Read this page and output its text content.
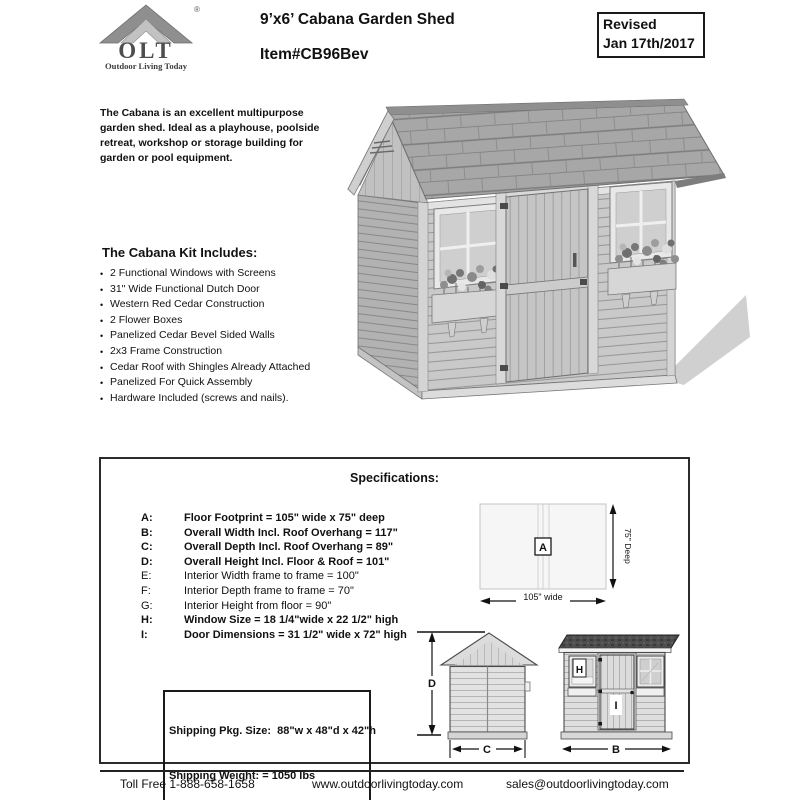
®
OLT
Outdoor Living Today
9’x6’ Cabana Garden Shed
Item#CB96Bev
Revised
Jan 17th/2017
The Cabana is an excellent multipurpose garden shed. Ideal as a playhouse, poolside retreat, workshop or storage building for garden or pool equipment.
The Cabana Kit Includes:
• 2 Functional Windows with Screens
• 31" Wide Functional Dutch Door
• Western Red Cedar Construction
• 2 Flower Boxes
• Panelized Cedar Bevel Sided Walls
• 2x3 Frame Construction
• Cedar Roof with Shingles Already Attached
• Panelized For Quick Assembly
• Hardware Included (screws and nails).
Specifications:
A:	Floor Footprint = 105" wide x 75" deep
B:	Overall Width Incl. Roof Overhang = 117"
C:	Overall Depth Incl. Roof Overhang = 89"
D:	Overall Height Incl. Floor & Roof = 101"
E:	Interior Width frame to frame = 100"
F:	Interior Depth frame to frame = 70"
G:	Interior Height from floor = 90"
H:	Window Size = 18 1/4"wide x 22 1/2" high
I:	Door Dimensions = 31 1/2" wide x 72" high

Shipping Pkg. Size:  88"w x 48"d x 42"h

Shipping Weight: = 1050 lbs

A	75" Deep
105" wide
D
C
I
H
B
Toll Free 1-888-658-1658	www.outdoorlivingtoday.com	sales@outdoorlivingtoday.com
